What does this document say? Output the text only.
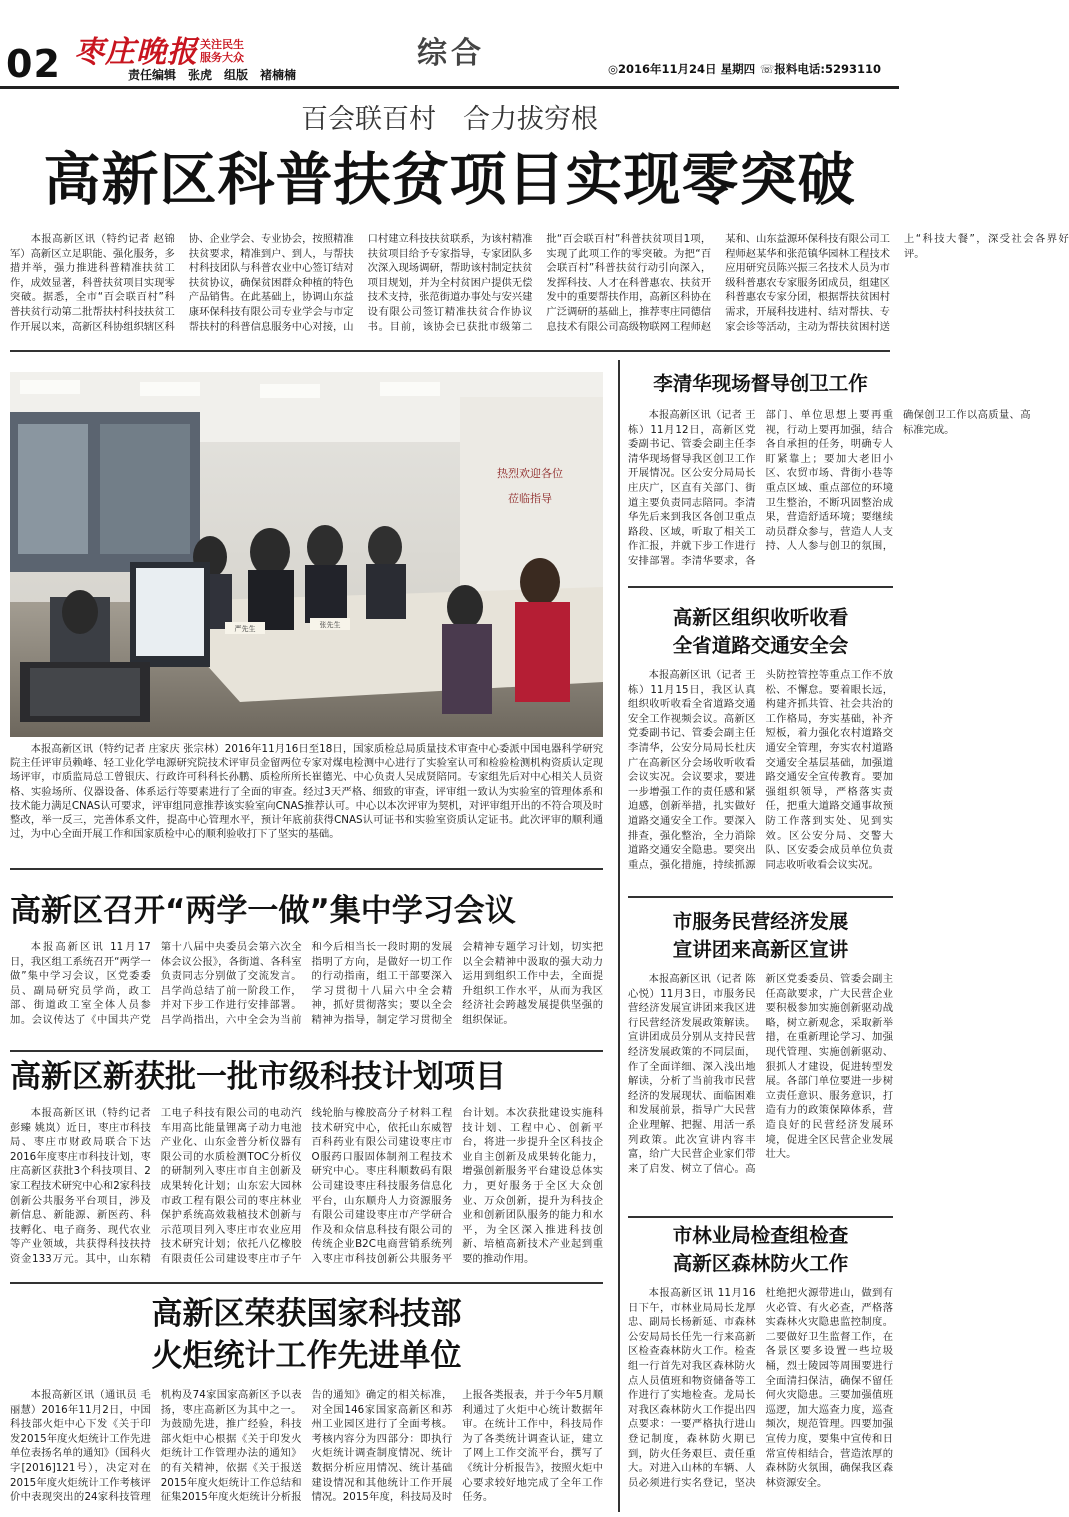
02 枣庄晚报 关注民生
服务大众
责任编辑　张虎　组版　褚楠楠
综合	◎2016年11月24日 星期四 ☏报料电话:5293110
百会联百村　合力拔穷根
高新区科普扶贫项目实现零突破

本报高新区讯（特约记者 赵锦军）高新区立足职能、强化服务，多措并举，强力推进科普精准扶贫工作，成效显著，科普扶贫项目实现零突破。据悉，全市“百会联百村”科普扶贫行动第二批帮扶村科技扶贫工作开展以来，高新区科协组织辖区科协、企业学会、专业协会，按照精准扶贫要求，精准到户、到人，与帮扶村科技团队与科普农业中心签订结对扶贫协议，确保贫困群众种植的特色产品销售。在此基础上，协调山东益康环保科技有限公司专业学会与市定帮扶村的科普信息服务中心对接，山口村建立科技扶贫联系，为该村精准扶贫项目给予专家指导，专家团队多次深入现场调研，帮助该村制定扶贫项目规划，并为全村贫困户提供无偿技术支持，张范街道办事处与安兴建设有限公司签订精准扶贫合作协议书。目前，该协会已获批市级第二批“百会联百村”科普扶贫项目1项，实现了此项工作的零突破。为把“百会联百村”科普扶贫行动引向深入，发挥科技、人才在科普惠农、扶贫开发中的重要帮扶作用，高新区科协在广泛调研的基础上，推荐枣庄同德信息技术有限公司高级物联网工程师赵某和、山东益源环保科技有限公司工程师赵某华和张范镇华园林工程技术应用研究员陈兴振三名技术人员为市级科普惠农专家服务团成员，组建区科普惠农专家分团，根据帮扶贫困村需求，开展科技进村、结对帮扶、专家会诊等活动，主动为帮扶贫困村送上“科技大餐”，深受社会各界好评。

严先生	张先生
热烈欢迎各位
莅临指导

本报高新区讯（特约记者 庄家庆 张宗林）2016年11月16日至18日，国家质检总局质量技术审查中心委派中国电器科学研究院主任评审员赖峰、轻工业化学电源研究院技术评审员金留两位专家对煤电检测中心进行了实验室认可和检验检测机构资质认定现场评审，市质监局总工曾银庆、行政许可科科长孙鹏、质检所所长崔德光、中心负责人吴成贤陪同。专家组先后对中心相关人员资格、实验场所、仪器设备、体系运行等要素进行了全面的审查。经过3天严格、细致的审查，评审组一致认为实验室的管理体系和技术能力满足CNAS认可要求，评审组同意推荐该实验室向CNAS推荐认可。中心以本次评审为契机，对评审组开出的不符合项及时整改，举一反三，完善体系文件，提高中心管理水平，预计年底前获得CNAS认可证书和实验室资质认定证书。此次评审的顺利通过，为中心全面开展工作和国家质检中心的顺利验收打下了坚实的基础。

高新区召开“两学一做”集中学习会议

本报高新区讯 11月17日，我区组工系统召开“两学一做”集中学习会议，区党委委员、副局研究员学尚，政工部、街道政工室全体人员参加。会议传达了《中国共产党第十八届中央委员会第六次全体会议公报》，各街道、各科室负责同志分别做了交流发言。吕学尚总结了前一阶段工作，并对下步工作进行安排部署。吕学尚指出，六中全会为当前和今后相当长一段时期的发展指明了方向，是做好一切工作的行动指南，组工干部要深入学习贯彻十八届六中全会精神，抓好贯彻落实；要以全会精神为指导，制定学习贯彻全会精神专题学习计划，切实把以全会精神中汲取的强大动力运用到组织工作中去，全面提升组织工作水平，从而为我区经济社会跨越发展提供坚强的组织保证。

高新区新获批一批市级科技计划项目

本报高新区讯（特约记者 彭臻 姚岚）近日，枣庄市科技局、枣庄市财政局联合下达2016年度枣庄市科技计划，枣庄高新区获批3个科技项目、2家工程技术研究中心和2家科技创新公共服务平台项目，涉及新信息、新能源、新医药、科技孵化、电子商务、现代农业等产业领域，共获得科技扶持资金133万元。其中，山东精工电子科技有限公司的电动汽车用高比能量锂离子动力电池产业化、山东金普分析仪器有限公司的水质检测TOC分析仪的研制列入枣庄市自主创新及成果转化计划；山东宏大园林市政工程有限公司的枣庄林业保护系统高效栽植技术创新与示范项目列入枣庄市农业应用技术研究计划；依托八亿橡胶有限责任公司建设枣庄市子午线轮胎与橡胶高分子材料工程技术研究中心，依托山东威智百科药业有限公司建设枣庄市O服药口服固体制剂工程技术研究中心。枣庄科顺数码有限公司建设枣庄科技服务信息化平台，山东顺舟人力资源服务有限公司建设枣庄市产学研合作及和众信息科技有限公司的传统企业B2C电商营销系统列入枣庄市科技创新公共服务平台计划。本次获批建设实施科技计划、工程中心、创新平台，将进一步提升全区科技企业自主创新及成果转化能力，增强创新服务平台建设总体实力，更好服务于全区大众创业、万众创新，提升为科技企业和创新团队服务的能力和水平，为全区深入推进科技创新、培植高新技术产业起到重要的推动作用。

高新区荣获国家科技部
火炬统计工作先进单位

本报高新区讯（通讯员 毛丽慧）2016年11月2日，中国科技部火炬中心下发《关于印发2015年度火炬统计工作先进单位表扬名单的通知》（国科火字[2016]121号），决定对在2015年度火炬统计工作考核评价中表现突出的24家科技管理机构及74家国家高新区予以表扬，枣庄高新区为其中之一。为鼓励先进，推广经验，科技部火炬中心根据《关于印发火炬统计工作管理办法的通知》的有关精神，依据《关于报送2015年度火炬统计工作总结和征集2015年度火炬统计分析报告的通知》确定的相关标准，对全国146家国家高新区和苏州工业园区进行了全面考核。考核内容分为四部分：即执行火炬统计调查制度情况、统计数据分析应用情况、统计基础建设情况和其他统计工作开展情况。2015年度，科技局及时上报各类报表，并于今年5月顺利通过了火炬中心统计数据年审。在统计工作中，科技局作为了各类统计调查认证，建立了网上工作交流平台，撰写了《统计分析报告》，按照火炬中心要求较好地完成了全年工作任务。

李清华现场督导创卫工作

本报高新区讯（记者 王栋）11月12日，高新区党委副书记、管委会副主任李清华现场督导我区创卫工作开展情况。区公安分局局长庄庆广，区直有关部门、街道主要负责同志陪同。李清华先后来到我区各创卫重点路段、区域，听取了相关工作汇报，并就下步工作进行安排部署。李清华要求，各部门、单位思想上要再重视，行动上要再加强，结合各自承担的任务，明确专人盯紧靠上；要加大老旧小区、农贸市场、背街小巷等重点区域、重点部位的环境卫生整治，不断巩固整治成果，营造舒适环境；要继续动员群众参与，营造人人支持、人人参与创卫的氛围，确保创卫工作以高质量、高标准完成。

高新区组织收听收看
全省道路交通安全会

本报高新区讯（记者 王栋）11月15日，我区认真组织收听收看全省道路交通安全工作视频会议。高新区党委副书记、管委会副主任李清华，公安分局局长杜庆广在高新区分会场收听收看会议实况。会议要求，要进一步增强工作的责任感和紧迫感，创新举措，扎实做好道路交通安全工作。要深入排查，强化整治，全力消除道路交通安全隐患。要突出重点，强化措施，持续抓源头防控管控等重点工作不放松、不懈怠。要着眼长远，构建齐抓共管、社会共治的工作格局，夯实基础，补齐短板，着力强化农村道路交通安全管理，夯实农村道路交通安全基层基础，加强道路交通安全宣传教育。要加强组织领导，严格落实责任，把重大道路交通事故预防工作落到实处、见到实效。区公安分局、交警大队、区安委会成员单位负责同志收听收看会议实况。

市服务民营经济发展
宣讲团来高新区宣讲

本报高新区讯（记者 陈心悦）11月3日，市服务民营经济发展宣讲团来我区进行民营经济发展政策解读。宣讲团成员分别从支持民营经济发展政策的不同层面，作了全面详细、深入浅出地解读，分析了当前我市民营经济的发展现状、面临困难和发展前景，指导广大民营企业理解、把握、用活一系列政策。此次宣讲内容丰富，给广大民营企业家们带来了启发、树立了信心。高新区党委委员、管委会副主任高歆要求，广大民营企业要积极参加实施创新驱动战略，树立新观念，采取新举措，在重新理论学习、加强现代管理、实施创新驱动、狠抓人才建设，促进转型发展。各部门单位要进一步树立责任意识、服务意识，打造有力的政策保障体系，营造良好的民营经济发展环境，促进全区民营企业发展壮大。

市林业局检查组检查
高新区森林防火工作

本报高新区讯 11月16日下午，市林业局局长龙厚忠、副局长杨新延、市森林公安局局长任先一行来高新区检查森林防火工作。检查组一行首先对我区森林防火点人员值班和物资储备等工作进行了实地检查。龙局长对我区森林防火工作提出四点要求：一要严格执行进山登记制度，森林防火期已到，防火任务艰巨、责任重大。对进入山林的车辆、人员必须进行实名登记，坚决杜绝把火源带进山，做到有火必管、有火必查，严格落实森林火灾隐患监控制度。二要做好卫生监督工作，在各景区要多设置一些垃圾桶，烈士陵园等周围要进行全面清扫保洁，确保不留任何火灾隐患。三要加强值班巡逻，加大巡查力度，巡查频次，规范管理。四要加强宣传力度，要集中宣传和日常宣传相结合，营造浓厚的森林防火氛围，确保我区森林资源安全。
